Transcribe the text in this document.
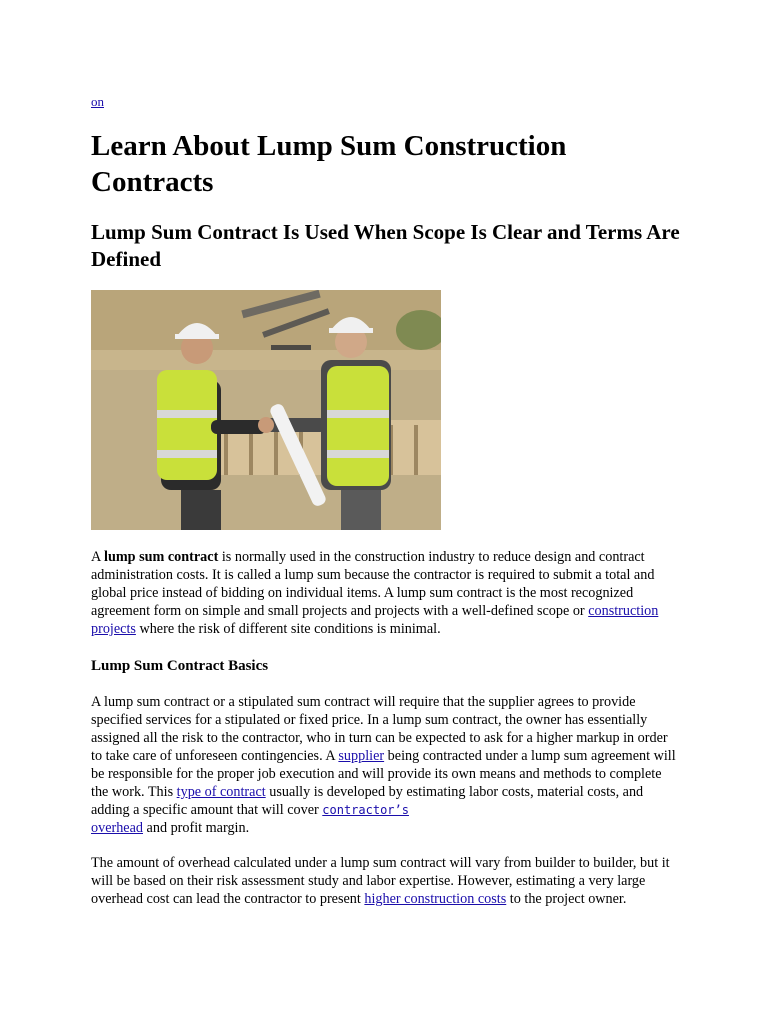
on
Learn About Lump Sum Construction Contracts
Lump Sum Contract Is Used When Scope Is Clear and Terms Are Defined

A lump sum contract is normally used in the construction industry to reduce design and contract administration costs. It is called a lump sum because the contractor is required to submit a total and global price instead of bidding on individual items. A lump sum contract is the most recognized agreement form on simple and small projects and projects with a well-defined scope or construction projects where the risk of different site conditions is minimal.

Lump Sum Contract Basics

A lump sum contract or a stipulated sum contract will require that the supplier agrees to provide specified services for a stipulated or fixed price. In a lump sum contract, the owner has essentially assigned all the risk to the contractor, who in turn can be expected to ask for a higher markup in order to take care of unforeseen contingencies. A supplier being contracted under a lump sum agreement will be responsible for the proper job execution and will provide its own means and methods to complete the work. This type of contract usually is developed by estimating labor costs, material costs, and adding a specific amount that will cover contractor’s
overhead and profit margin.

The amount of overhead calculated under a lump sum contract will vary from builder to builder, but it will be based on their risk assessment study and labor expertise. However, estimating a very large overhead cost can lead the contractor to present higher construction costs to the project owner.
